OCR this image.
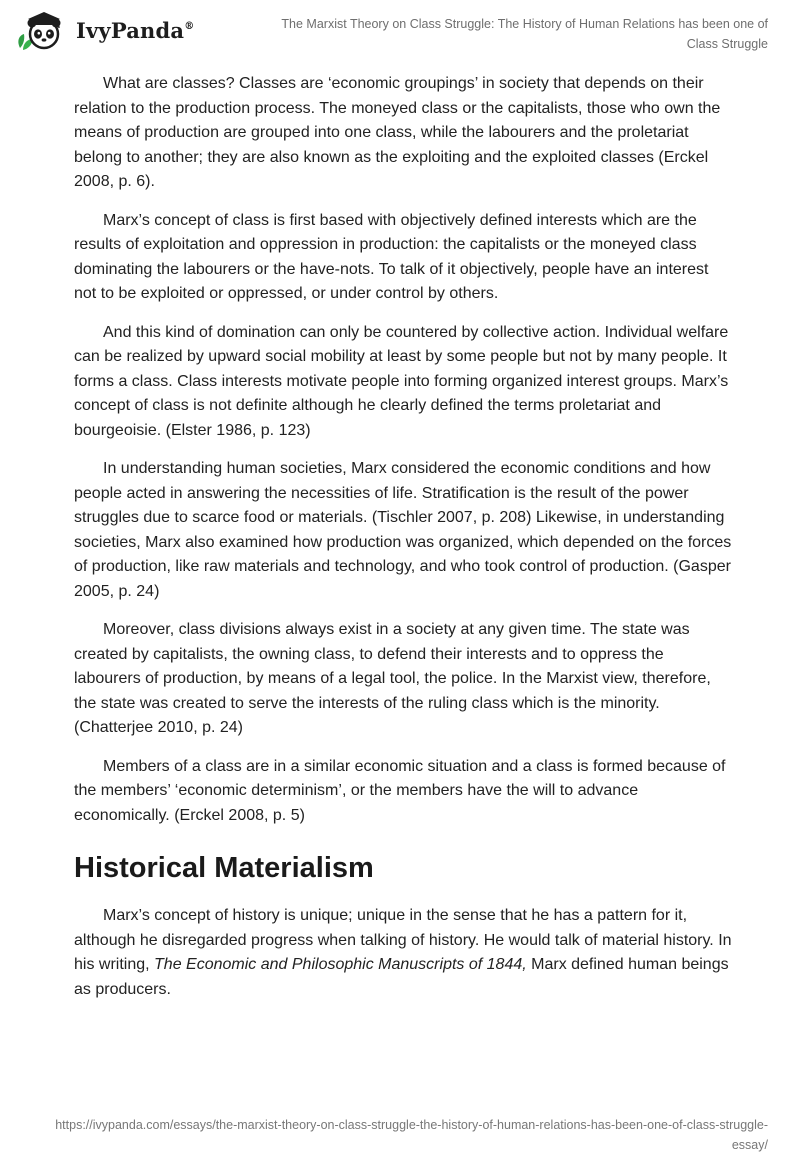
IvyPanda®	The Marxist Theory on Class Struggle: The History of Human Relations has been one of Class Struggle

What are classes? Classes are ‘economic groupings’ in society that depends on their relation to the production process. The moneyed class or the capitalists, those who own the means of production are grouped into one class, while the labourers and the proletariat belong to another; they are also known as the exploiting and the exploited classes (Erckel 2008, p. 6).

Marx’s concept of class is first based with objectively defined interests which are the results of exploitation and oppression in production: the capitalists or the moneyed class dominating the labourers or the have-nots. To talk of it objectively, people have an interest not to be exploited or oppressed, or under control by others.

And this kind of domination can only be countered by collective action. Individual welfare can be realized by upward social mobility at least by some people but not by many people. It forms a class. Class interests motivate people into forming organized interest groups. Marx’s concept of class is not definite although he clearly defined the terms proletariat and bourgeoisie. (Elster 1986, p. 123)

In understanding human societies, Marx considered the economic conditions and how people acted in answering the necessities of life. Stratification is the result of the power struggles due to scarce food or materials. (Tischler 2007, p. 208) Likewise, in understanding societies, Marx also examined how production was organized, which depended on the forces of production, like raw materials and technology, and who took control of production. (Gasper 2005, p. 24)

Moreover, class divisions always exist in a society at any given time. The state was created by capitalists, the owning class, to defend their interests and to oppress the labourers of production, by means of a legal tool, the police. In the Marxist view, therefore, the state was created to serve the interests of the ruling class which is the minority. (Chatterjee 2010, p. 24)

Members of a class are in a similar economic situation and a class is formed because of the members’ ‘economic determinism’, or the members have the will to advance economically. (Erckel 2008, p. 5)

Historical Materialism

Marx’s concept of history is unique; unique in the sense that he has a pattern for it, although he disregarded progress when talking of history. He would talk of material history. In his writing, The Economic and Philosophic Manuscripts of 1844, Marx defined human beings as producers.

https://ivypanda.com/essays/the-marxist-theory-on-class-struggle-the-history-of-human-relations-has-been-one-of-class-struggle-essay/
